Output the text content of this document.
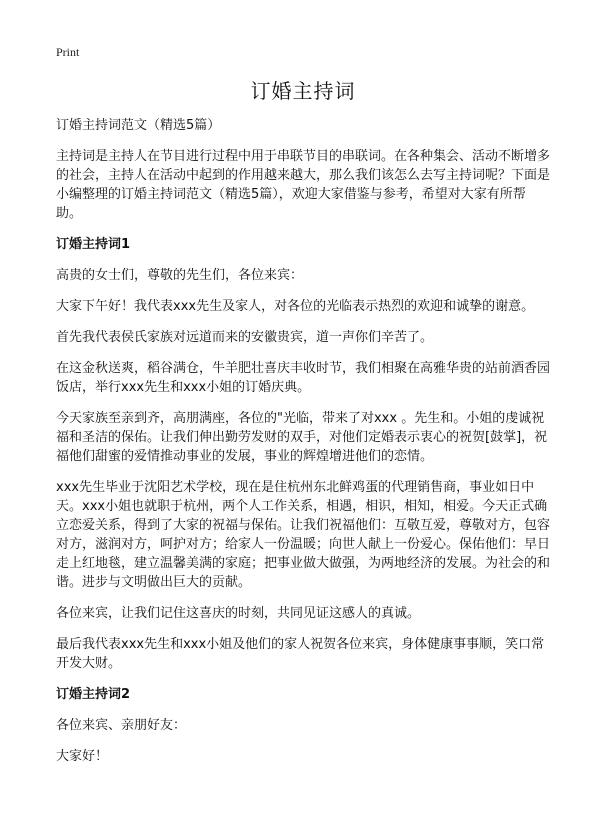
Print
订婚主持词

订婚主持词范文（精选5篇）

主持词是主持人在节目进行过程中用于串联节目的串联词。在各种集会、活动不断增多的社会，主持人在活动中起到的作用越来越大，那么我们该怎么去写主持词呢？下面是小编整理的订婚主持词范文（精选5篇），欢迎大家借鉴与参考，希望对大家有所帮助。

订婚主持词1

高贵的女士们，尊敬的先生们，各位来宾：

大家下午好！我代表xxx先生及家人，对各位的光临表示热烈的欢迎和诚挚的谢意。

首先我代表侯氏家族对远道而来的安徽贵宾，道一声你们辛苦了。

在这金秋送爽，稻谷满仓，牛羊肥壮喜庆丰收时节，我们相聚在高雅华贵的站前酒香园饭店，举行xxx先生和xxx小姐的订婚庆典。

今天家族至亲到齐，高朋满座，各位的"光临，带来了对xxx 。先生和。小姐的虔诚祝福和圣洁的保佑。让我们伸出勤劳发财的双手，对他们定婚表示衷心的祝贺[鼓掌]，祝福他们甜蜜的爱情推动事业的发展，事业的辉煌增进他们的恋情。

xxx先生毕业于沈阳艺术学校，现在是住杭州东北鲜鸡蛋的代理销售商，事业如日中天。xxx小姐也就职于杭州，两个人工作关系，相遇，相识，相知，相爱。今天正式确立恋爱关系，得到了大家的祝福与保佑。让我们祝福他们：互敬互爱，尊敬对方，包容对方，滋润对方，呵护对方；给家人一份温暖；向世人献上一份爱心。保佑他们：早日走上红地毯，建立温馨美满的家庭；把事业做大做强，为两地经济的发展。为社会的和谐。进步与文明做出巨大的贡献。

各位来宾，让我们记住这喜庆的时刻，共同见证这感人的真诚。

最后我代表xxx先生和xxx小姐及他们的家人祝贺各位来宾，身体健康事事顺，笑口常开发大财。

订婚主持词2

各位来宾、亲朋好友：

大家好！
